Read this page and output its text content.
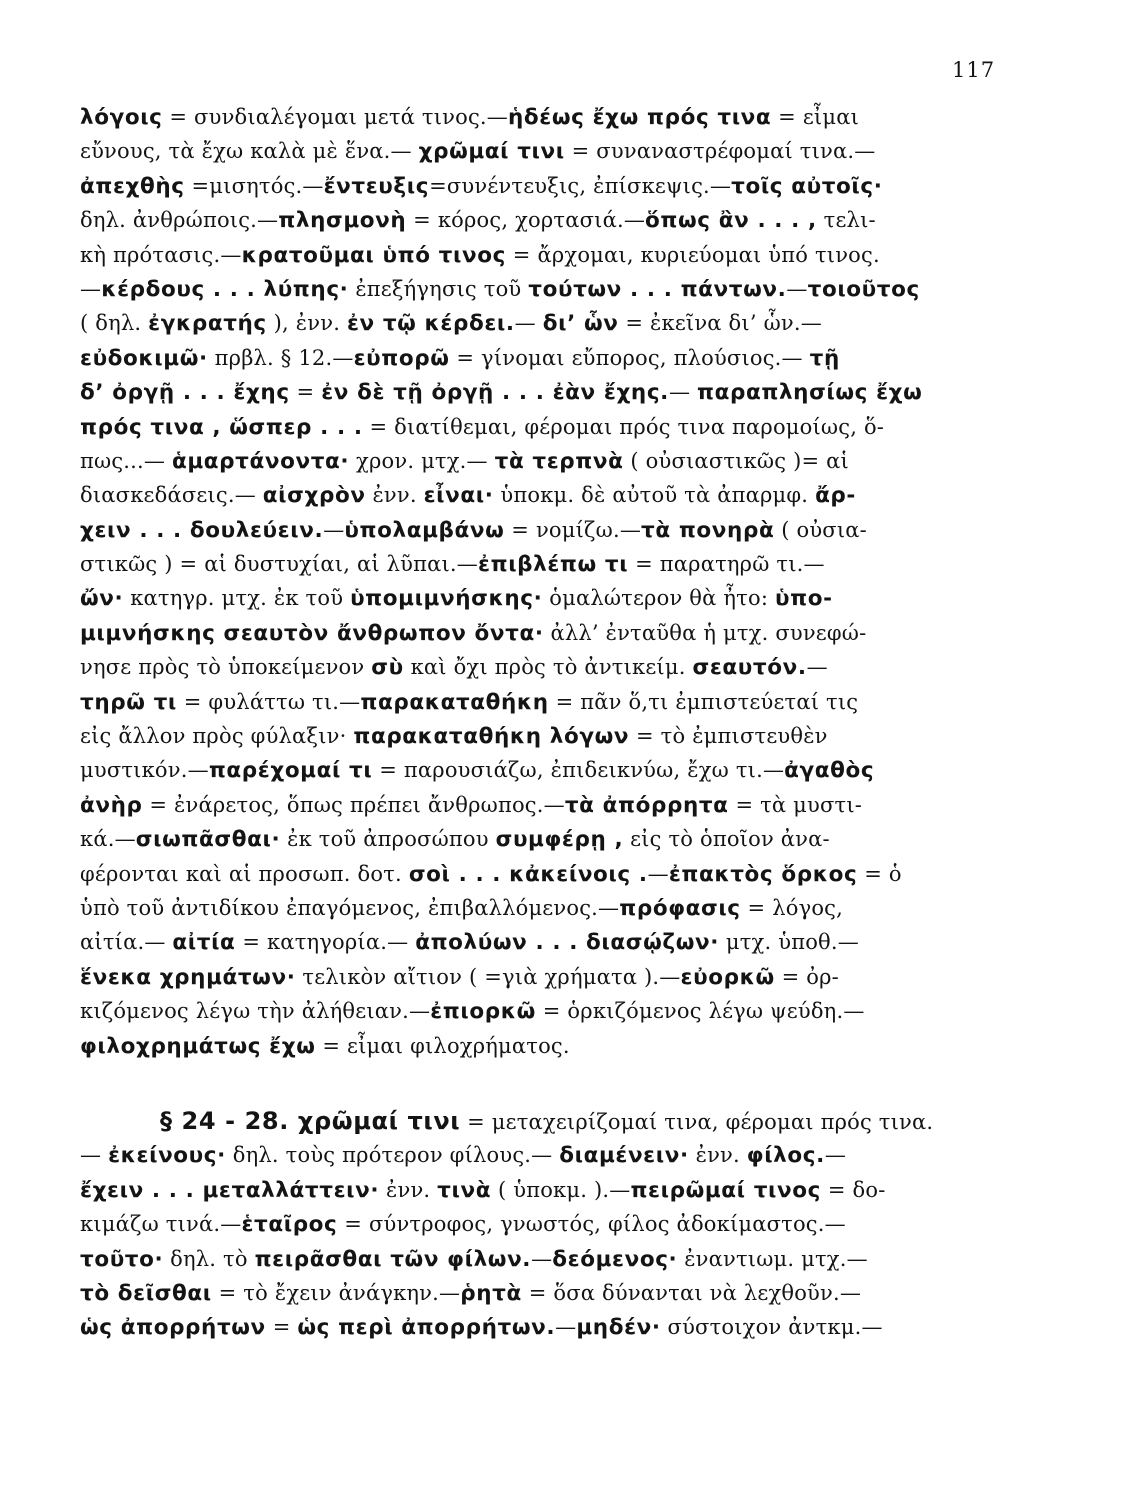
117
λόγοις = συνδιαλέγομαι μετά τινος.—ἡδέως ἔχω πρός τινα = εἶμαι
εὔνους, τὰ ἔχω καλὰ μὲ ἕνα.— χρῶμαί τινι = συναναστρέφομαί τινα.—
ἀπεχθὴς =μισητός.—ἔντευξις=συνέντευξις, ἐπίσκεψις.—τοῖς αὐτοῖς·
δηλ. ἀνθρώποις.—πλησμονὴ = κόρος, χορτασιά.—ὅπως ἂν . . . , τελι-
κὴ πρότασις.—κρατοῦμαι ὑπό τινος = ἄρχομαι, κυριεύομαι ὑπό τινος.
—κέρδους . . . λύπης· ἐπεξήγησις τοῦ τούτων . . . πάντων.—τοιοῦτος
( δηλ. ἐγκρατής ), ἐνν. ἐν τῷ κέρδει.— δι’ ὧν = ἐκεῖνα δι’ ὧν.—
εὐδοκιμῶ· πρβλ. § 12.—εὐπορῶ = γίνομαι εὔπορος, πλούσιος.— τῇ
δ’ ὀργῇ . . . ἔχης = ἐν δὲ τῇ ὀργῇ . . . ἐὰν ἔχης.— παραπλησίως ἔχω
πρός τινα , ὥσπερ . . . = διατίθεμαι, φέρομαι πρός τινα παρομοίως, ὅ-
πως...— ἁμαρτάνοντα· χρον. μτχ.— τὰ τερπνὰ ( οὐσιαστικῶς )= αἱ
διασκεδάσεις.— αἰσχρὸν ἐνν. εἶναι· ὑποκμ. δὲ αὐτοῦ τὰ ἀπαρμφ. ἄρ-
χειν . . . δουλεύειν.—ὑπολαμβάνω = νομίζω.—τὰ πονηρὰ ( οὐσια-
στικῶς ) = αἱ δυστυχίαι, αἱ λῦπαι.—ἐπιβλέπω τι = παρατηρῶ τι.—
ὤν· κατηγρ. μτχ. ἐκ τοῦ ὑπομιμνήσκης· ὁμαλώτερον θὰ ἦτο: ὑπο-
μιμνήσκης σεαυτὸν ἄνθρωπον ὄντα· ἀλλ’ ἐνταῦθα ἡ μτχ. συνεφώ-
νησε πρὸς τὸ ὑποκείμενον σὺ καὶ ὄχι πρὸς τὸ ἀντικείμ. σεαυτόν.—
τηρῶ τι = φυλάττω τι.—παρακαταθήκη = πᾶν ὅ,τι ἐμπιστεύεταί τις
εἰς ἄλλον πρὸς φύλαξιν· παρακαταθήκη λόγων = τὸ ἐμπιστευθὲν
μυστικόν.—παρέχομαί τι = παρουσιάζω, ἐπιδεικνύω, ἔχω τι.—ἀγαθὸς
ἀνὴρ = ἐνάρετος, ὅπως πρέπει ἄνθρωπος.—τὰ ἀπόρρητα = τὰ μυστι-
κά.—σιωπᾶσθαι· ἐκ τοῦ ἀπροσώπου συμφέρῃ , εἰς τὸ ὁποῖον ἀνα-
φέρονται καὶ αἱ προσωπ. δοτ. σοὶ . . . κἀκείνοις .—ἐπακτὸς ὅρκος = ὁ
ὑπὸ τοῦ ἀντιδίκου ἐπαγόμενος, ἐπιβαλλόμενος.—πρόφασις = λόγος,
αἰτία.— αἰτία = κατηγορία.— ἀπολύων . . . διασῴζων· μτχ. ὑποθ.—
ἕνεκα χρημάτων· τελικὸν αἴτιον ( =γιὰ χρήματα ).—εὐορκῶ = ὀρ-
κιζόμενος λέγω τὴν ἀλήθειαν.—ἐπιορκῶ = ὁρκιζόμενος λέγω ψεύδη.—
φιλοχρημάτως ἔχω = εἶμαι φιλοχρήματος.
§ 24 - 28. χρῶμαί τινι = μεταχειρίζομαί τινα, φέρομαι πρός τινα.
— ἐκείνους· δηλ. τοὺς πρότερον φίλους.— διαμένειν· ἐνν. φίλος.—
ἔχειν . . . μεταλλάττειν· ἐνν. τινὰ ( ὑποκμ. ).—πειρῶμαί τινος = δο-
κιμάζω τινά.—ἑταῖρος = σύντροφος, γνωστός, φίλος ἀδοκίμαστος.—
τοῦτο· δηλ. τὸ πειρᾶσθαι τῶν φίλων.—δεόμενος· ἐναντιωμ. μτχ.—
τὸ δεῖσθαι = τὸ ἔχειν ἀνάγκην.—ῥητὰ = ὅσα δύνανται νὰ λεχθοῦν.—
ὡς ἀπορρήτων = ὡς περὶ ἀπορρήτων.—μηδέν· σύστοιχον ἀντκμ.—
